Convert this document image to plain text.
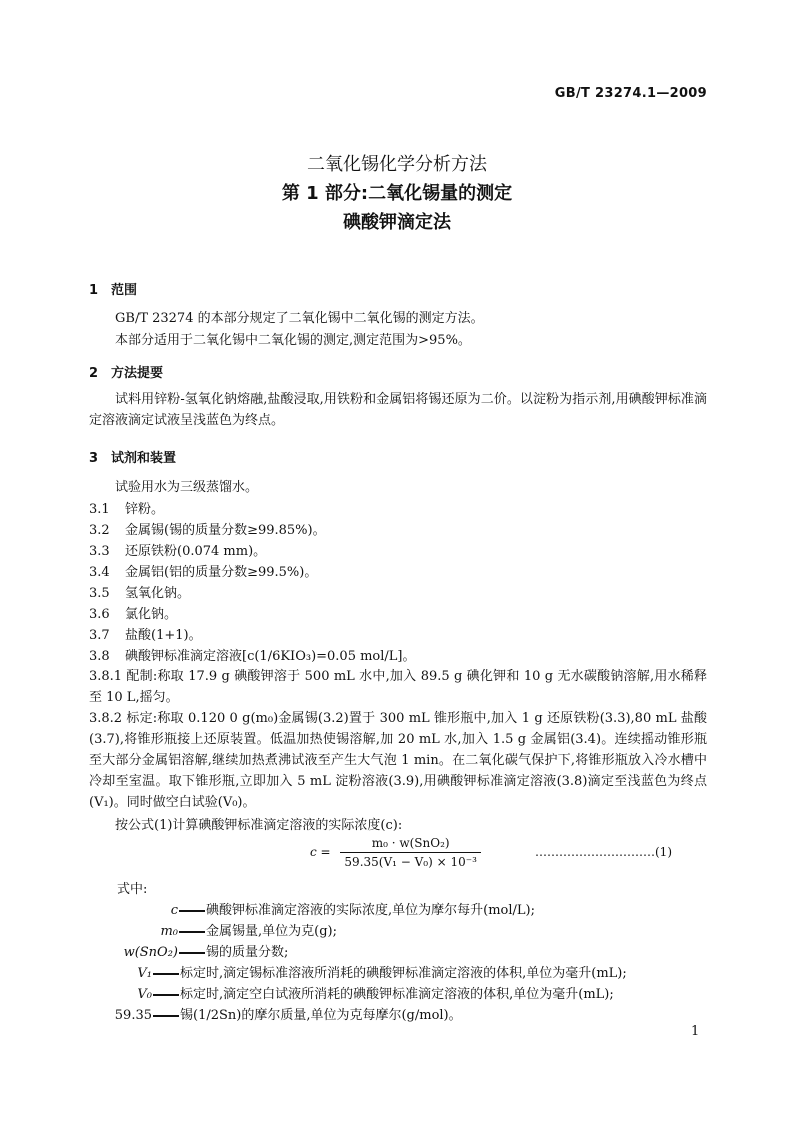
GB/T 23274.1—2009
二氧化锡化学分析方法
第 1 部分:二氧化锡量的测定
碘酸钾滴定法
1 范围
GB/T 23274 的本部分规定了二氧化锡中二氧化锡的测定方法。
本部分适用于二氧化锡中二氧化锡的测定,测定范围为>95%。
2 方法提要
试料用锌粉-氢氧化钠熔融,盐酸浸取,用铁粉和金属铝将锡还原为二价。以淀粉为指示剂,用碘酸钾标准滴定溶液滴定试液呈浅蓝色为终点。
3 试剂和装置
试验用水为三级蒸馏水。
3.1 锌粉。
3.2 金属锡(锡的质量分数≥99.85%)。
3.3 还原铁粉(0.074 mm)。
3.4 金属铝(铝的质量分数≥99.5%)。
3.5 氢氧化钠。
3.6 氯化钠。
3.7 盐酸(1+1)。
3.8 碘酸钾标准滴定溶液[c(1/6KIO₃)=0.05 mol/L]。
3.8.1 配制:称取 17.9 g 碘酸钾溶于 500 mL 水中,加入 89.5 g 碘化钾和 10 g 无水碳酸钠溶解,用水稀释至 10 L,摇匀。
3.8.2 标定:称取 0.120 0 g(m₀)金属锡(3.2)置于 300 mL 锥形瓶中,加入 1 g 还原铁粉(3.3),80 mL 盐酸(3.7),将锥形瓶接上还原装置。低温加热使锡溶解,加 20 mL 水,加入 1.5 g 金属铝(3.4)。连续摇动锥形瓶至大部分金属铝溶解,继续加热煮沸试液至产生大气泡 1 min。在二氧化碳气保护下,将锥形瓶放入冷水槽中冷却至室温。取下锥形瓶,立即加入 5 mL 淀粉溶液(3.9),用碘酸钾标准滴定溶液(3.8)滴定至浅蓝色为终点(V₁)。同时做空白试验(V₀)。
按公式(1)计算碘酸钾标准滴定溶液的实际浓度(c):
$c = \frac{\text{m₀ · w(SnO₂)}}{\text{59.35(V₁ − V₀) × 10⁻³}}$	…………………………(1)
式中:
c 碘酸钾标准滴定溶液的实际浓度,单位为摩尔每升(mol/L);
m₀ 金属锡量,单位为克(g);
w(SnO₂) 锡的质量分数;
V₁ 标定时,滴定锡标准溶液所消耗的碘酸钾标准滴定溶液的体积,单位为毫升(mL);
V₀ 标定时,滴定空白试液所消耗的碘酸钾标准滴定溶液的体积,单位为毫升(mL);
59.35 锡(1/2Sn)的摩尔质量,单位为克每摩尔(g/mol)。
1
